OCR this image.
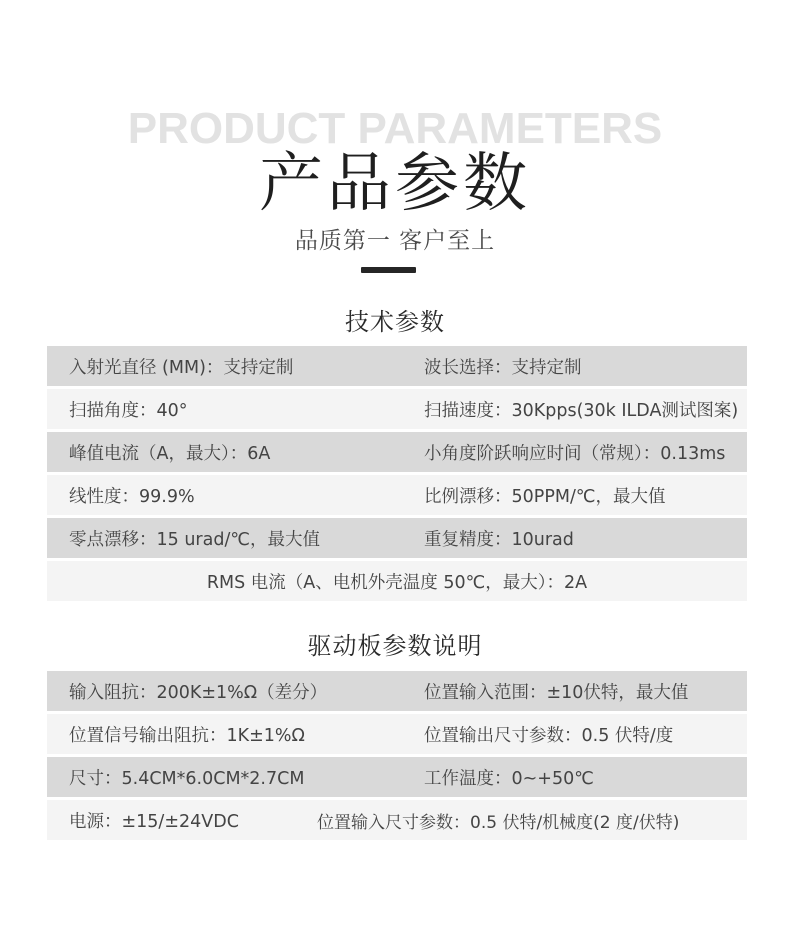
PRODUCT PARAMETERS
产品参数
品质第一 客户至上
技术参数
入射光直径 (MM)：支持定制	波长选择：支持定制
扫描角度：40°	扫描速度：30Kpps(30k ILDA测试图案)
峰值电流（A，最大）：6A	小角度阶跃响应时间（常规）：0.13ms
线性度：99.9%	比例漂移：50PPM/℃，最大值
零点漂移：15 urad/℃，最大值	重复精度：10urad
RMS 电流（A、电机外壳温度 50℃，最大）：2A
驱动板参数说明
输入阻抗：200K±1%Ω（差分）	位置输入范围：±10伏特，最大值
位置信号输出阻抗：1K±1%Ω	位置输出尺寸参数：0.5 伏特/度
尺寸：5.4CM*6.0CM*2.7CM	工作温度：0~+50℃
电源：±15/±24VDC	位置输入尺寸参数：0.5 伏特/机械度(2 度/伏特)
